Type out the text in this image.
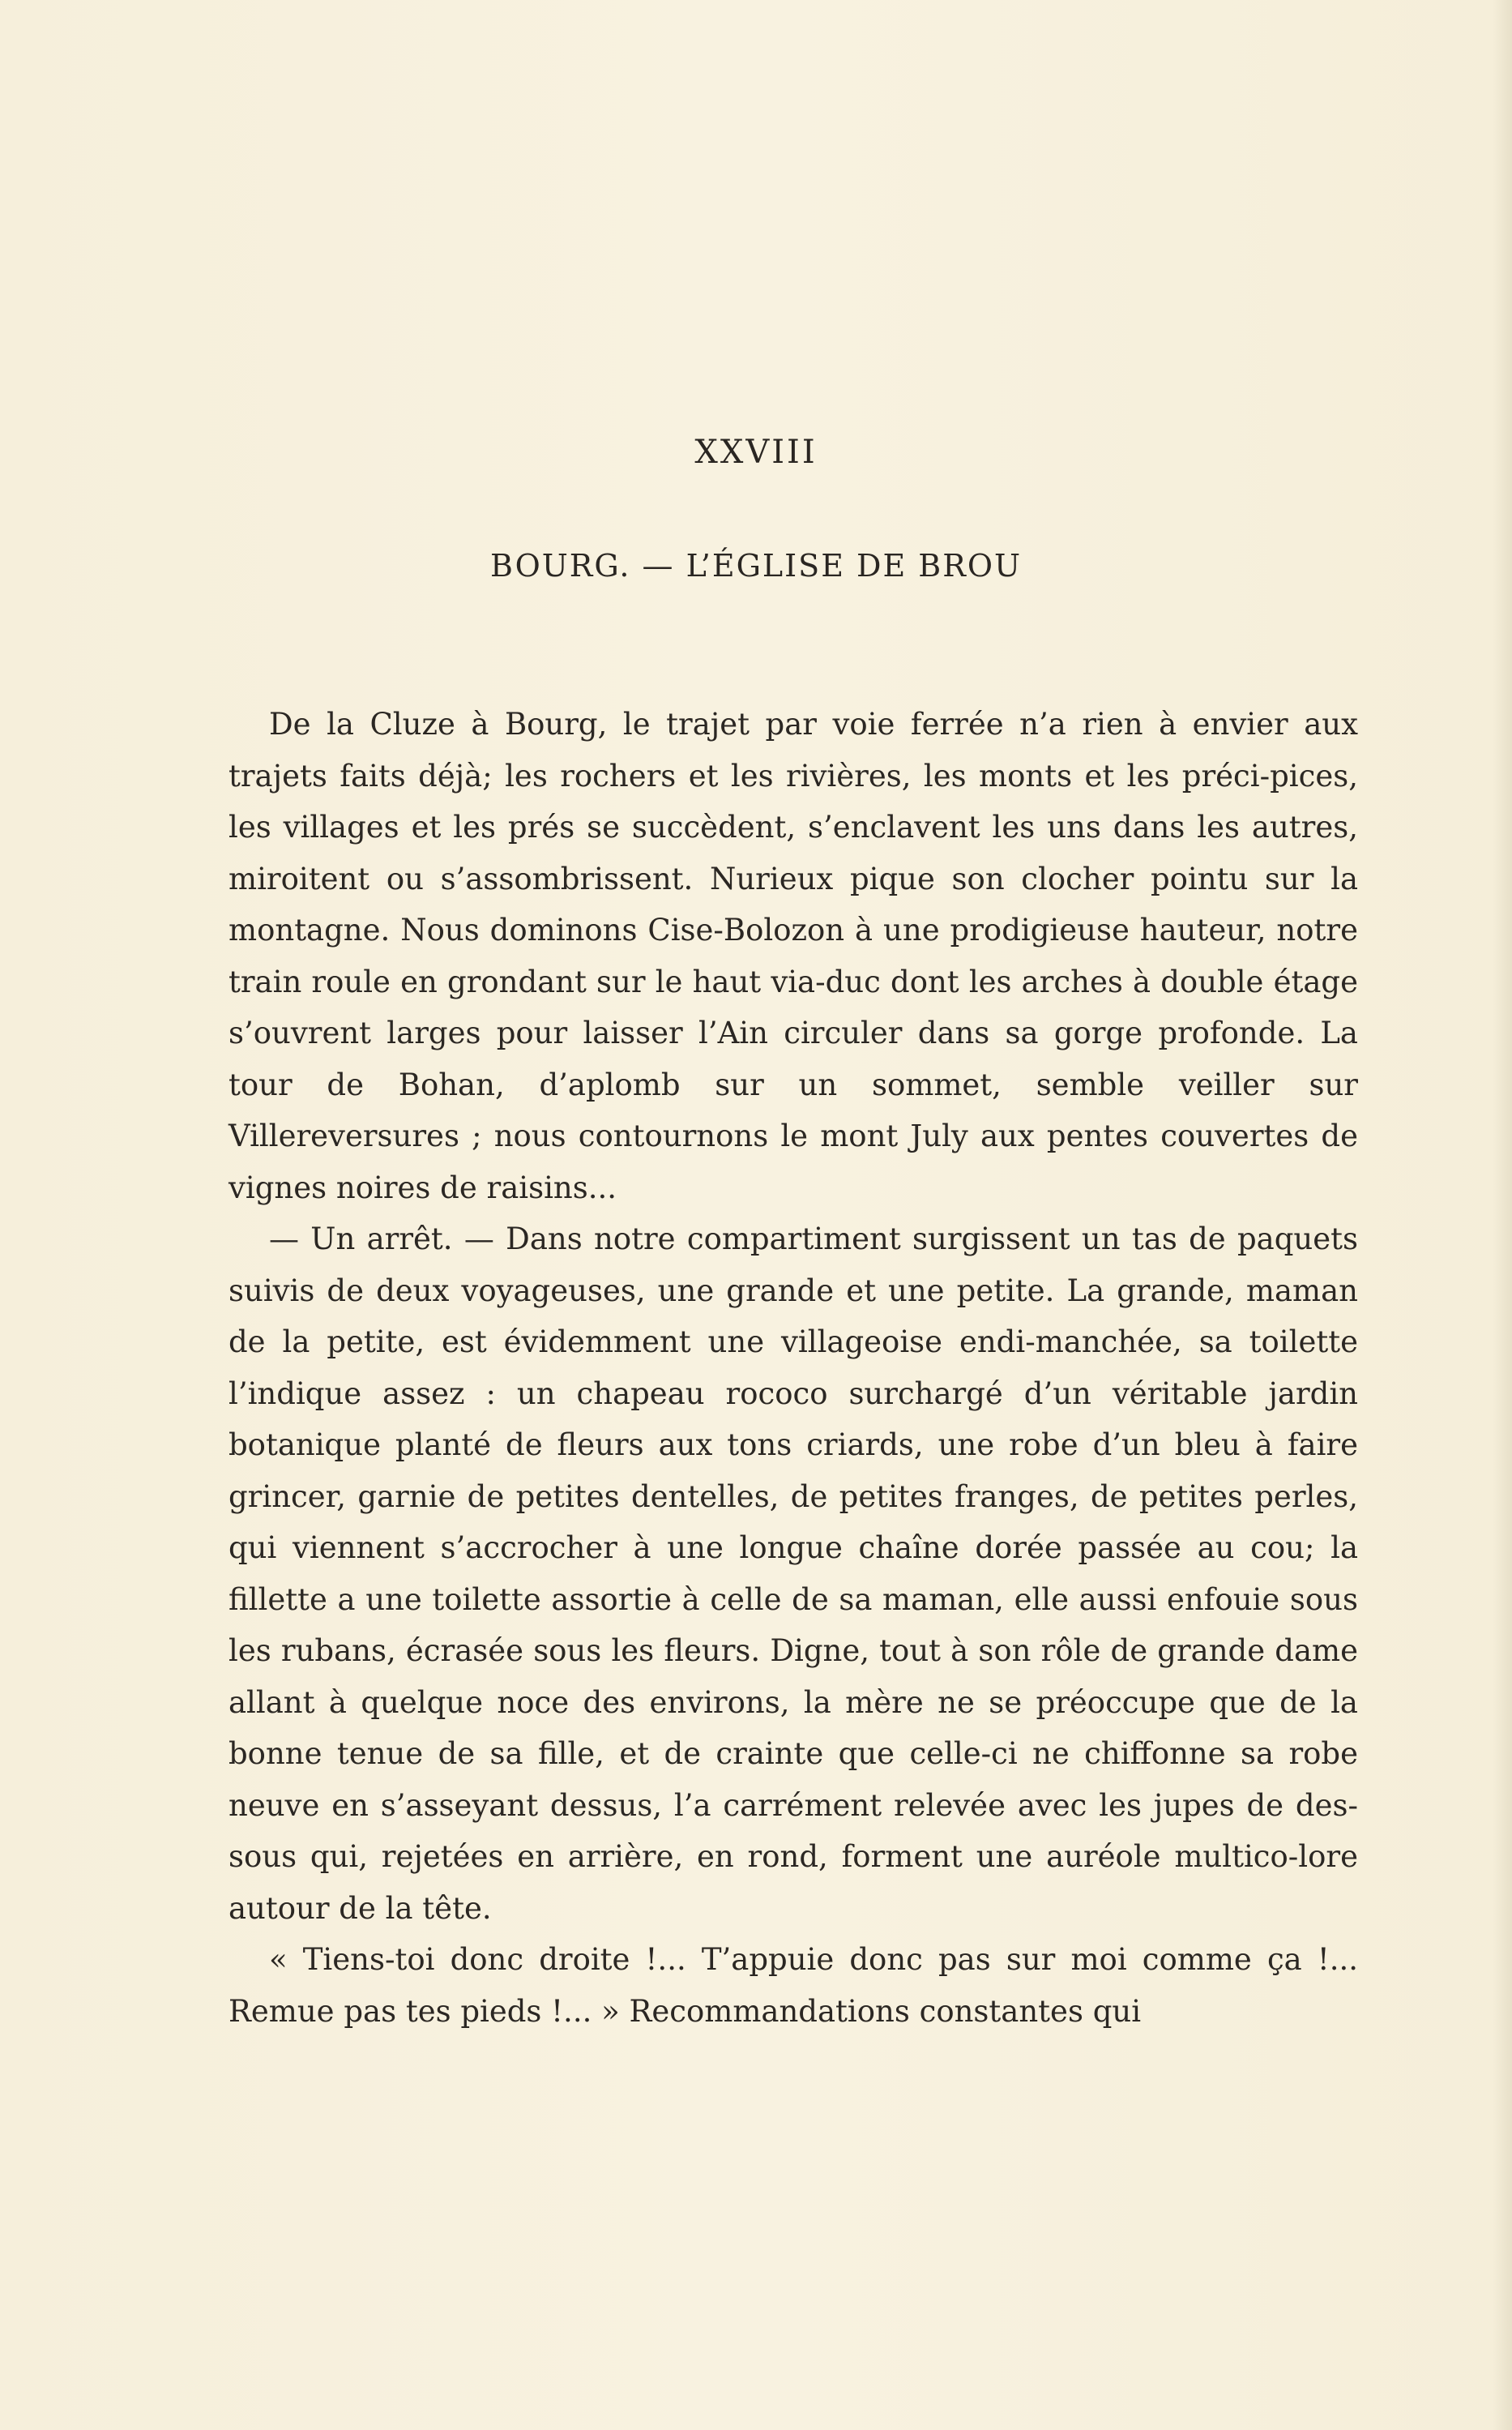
XXVIII
BOURG. — L’ÉGLISE DE BROU

De la Cluze à Bourg, le trajet par voie ferrée n’a rien à envier aux trajets faits déjà; les rochers et les rivières, les monts et les préci-pices, les villages et les prés se succèdent, s’enclavent les uns dans les autres, miroitent ou s’assombrissent. Nurieux pique son clocher pointu sur la montagne. Nous dominons Cise-Bolozon à une prodigieuse hauteur, notre train roule en grondant sur le haut via-duc dont les arches à double étage s’ouvrent larges pour laisser l’Ain circuler dans sa gorge profonde. La tour de Bohan, d’aplomb sur un sommet, semble veiller sur Villereversures ; nous contournons le mont July aux pentes couvertes de vignes noires de raisins...

— Un arrêt. — Dans notre compartiment surgissent un tas de paquets suivis de deux voyageuses, une grande et une petite. La grande, maman de la petite, est évidemment une villageoise endi-manchée, sa toilette l’indique assez : un chapeau rococo surchargé d’un véritable jardin botanique planté de fleurs aux tons criards, une robe d’un bleu à faire grincer, garnie de petites dentelles, de petites franges, de petites perles, qui viennent s’accrocher à une longue chaîne dorée passée au cou; la fillette a une toilette assortie à celle de sa maman, elle aussi enfouie sous les rubans, écrasée sous les fleurs. Digne, tout à son rôle de grande dame allant à quelque noce des environs, la mère ne se préoccupe que de la bonne tenue de sa fille, et de crainte que celle-ci ne chiffonne sa robe neuve en s’asseyant dessus, l’a carrément relevée avec les jupes de des-sous qui, rejetées en arrière, en rond, forment une auréole multico-lore autour de la tête.

« Tiens-toi donc droite !... T’appuie donc pas sur moi comme ça !... Remue pas tes pieds !... » Recommandations constantes qui
